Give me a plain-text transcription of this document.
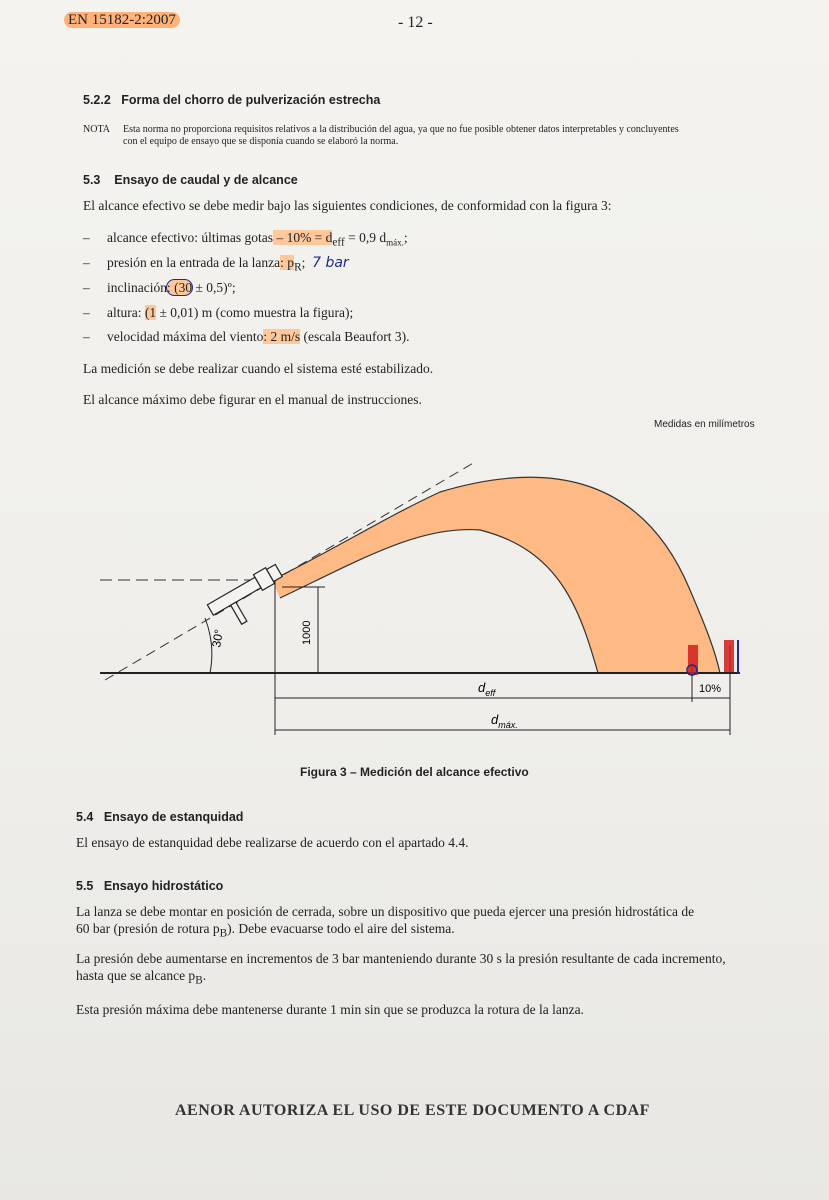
EN 15182-2:2007	- 12 -
5.2.2 Forma del chorro de pulverización estrecha
NOTA Esta norma no proporciona requisitos relativos a la distribución del agua, ya que no fue posible obtener datos interpretables y concluyentes
con el equipo de ensayo que se disponía cuando se elaboró la norma.
5.3 Ensayo de caudal y de alcance
El alcance efectivo se debe medir bajo las siguientes condiciones, de conformidad con la figura 3:
– alcance efectivo: últimas gotas – $10\% = d_{eff} = 0,9$ $d_{máx.}$;
– presión en la entrada de la lanza: $p_R$; 7 bar
– inclinación: (30 ± 0,5)º;
– altura: (1 ± 0,01) m (como muestra la figura);
– velocidad máxima del viento: 2 m/s (escala Beaufort 3).
La medición se debe realizar cuando el sistema esté estabilizado.
El alcance máximo debe figurar en el manual de instrucciones.
Medidas en milímetros
30°	1000
$d_{eff}$	10%
$d_{máx.}$
Figura 3 – Medición del alcance efectivo
5.4 Ensayo de estanquidad
El ensayo de estanquidad debe realizarse de acuerdo con el apartado 4.4.
5.5 Ensayo hidrostático
La lanza se debe montar en posición de cerrada, sobre un dispositivo que pueda ejercer una presión hidrostática de
60 bar (presión de rotura $p_B$). Debe evacuarse todo el aire del sistema.
La presión debe aumentarse en incrementos de 3 bar manteniendo durante 30 s la presión resultante de cada incremento,
hasta que se alcance $p_B$.
Esta presión máxima debe mantenerse durante 1 min sin que se produzca la rotura de la lanza.
AENOR AUTORIZA EL USO DE ESTE DOCUMENTO A CDAF
